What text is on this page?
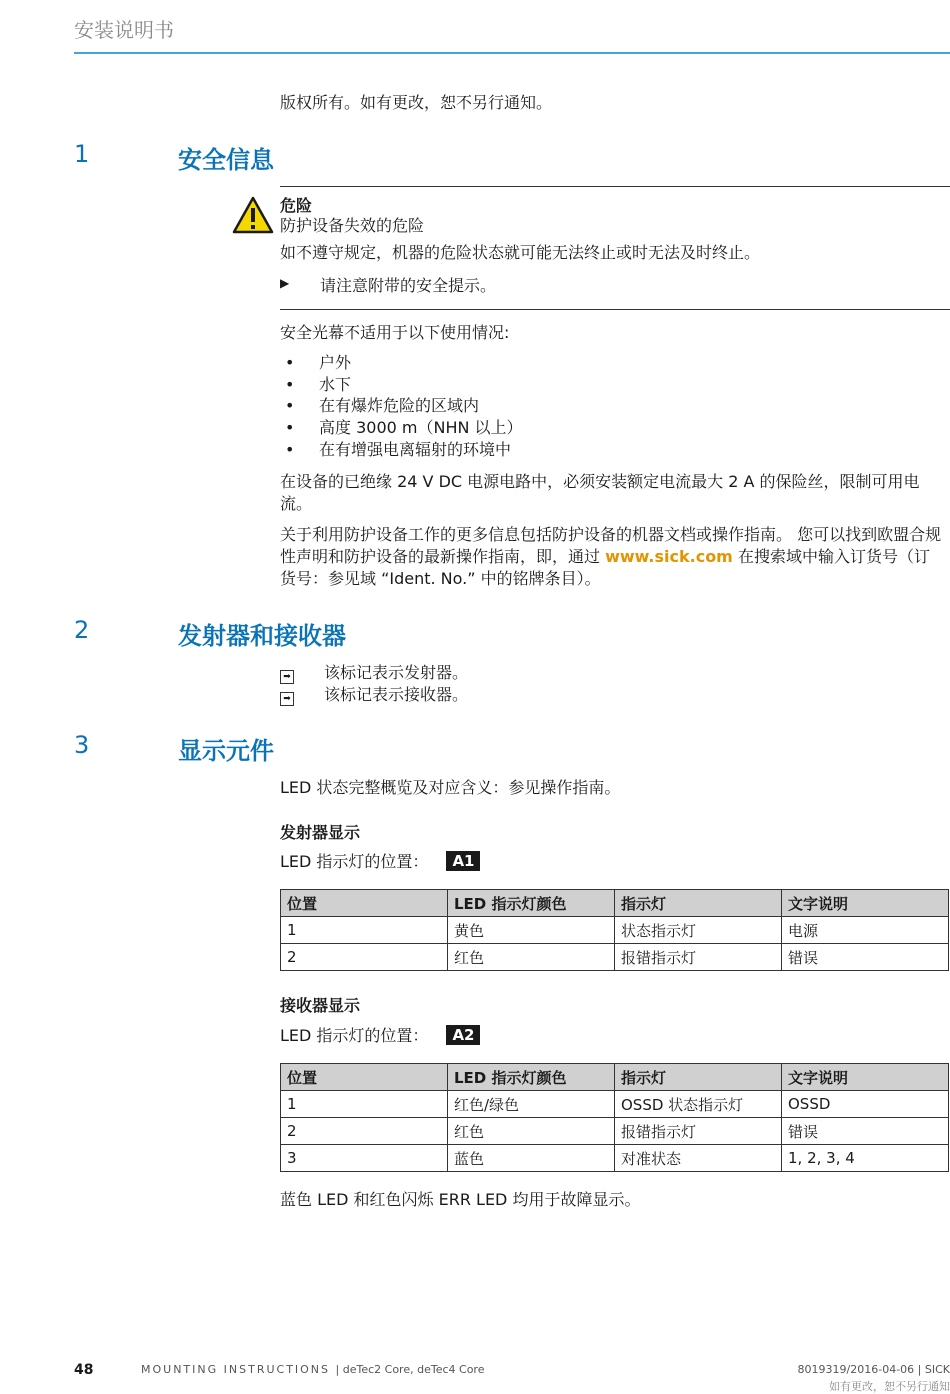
安装说明书
版权所有。如有更改，恕不另行通知。
1	安全信息
危险
防护设备失效的危险
如不遵守规定，机器的危险状态就可能无法终止或时无法及时终止。
▶ 请注意附带的安全提示。
安全光幕不适用于以下使用情况:
• 户外
• 水下
• 在有爆炸危险的区域内
• 高度 3000 m（NHN 以上）
• 在有增强电离辐射的环境中
在设备的已绝缘 24 V DC 电源电路中，必须安装额定电流最大 2 A 的保险丝，限制可用电流。
关于利用防护设备工作的更多信息包括防护设备的机器文档或操作指南。 您可以找到欧盟合规性声明和防护设备的最新操作指南，即，通过 www.sick.com 在搜索域中输入订货号（订货号：参见域 “Ident. No.” 中的铭牌条目）。
2	发射器和接收器
➡ 该标记表示发射器。
➡ 该标记表示接收器。
3	显示元件
LED 状态完整概览及对应含义：参见操作指南。
发射器显示
LED 指示灯的位置： A1
位置	LED 指示灯颜色	指示灯	文字说明
1	黄色	状态指示灯	电源
2	红色	报错指示灯	错误
接收器显示
LED 指示灯的位置： A2
位置	LED 指示灯颜色	指示灯	文字说明
1	红色/绿色	OSSD 状态指示灯	OSSD
2	红色	报错指示灯	错误
3	蓝色	对准状态	1, 2, 3, 4
蓝色 LED 和红色闪烁 ERR LED 均用于故障显示。
48	MOUNTING INSTRUCTIONS | deTec2 Core, deTec4 Core	8019319/2016-04-06 | SICK
如有更改，恕不另行通知
